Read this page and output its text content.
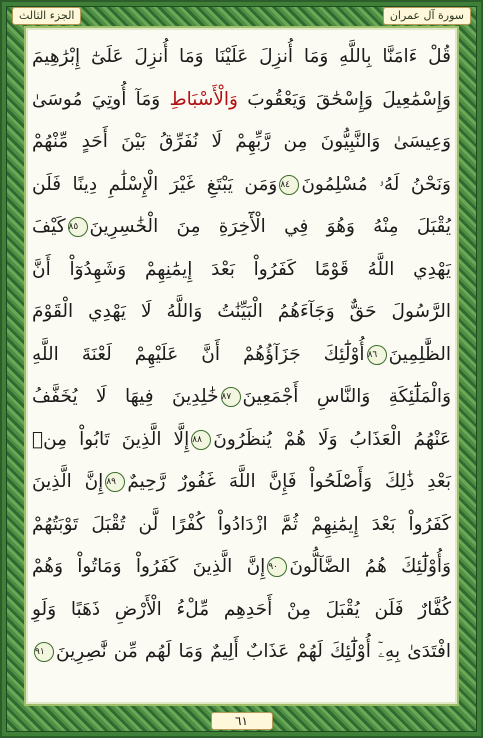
الجزء الثالث	سورة آل عمران
قُلْ ءَامَنَّا بِاللَّهِ وَمَا أُنزِلَ عَلَيْنَا وَمَا أُنزِلَ عَلَىٰٓ إِبْرَٰهِيمَ
وَإِسْمَٰعِيلَ وَإِسْحَٰقَ وَيَعْقُوبَ وَالْأَسْبَاطِ وَمَآ أُوتِيَ مُوسَىٰ
وَعِيسَىٰ وَالنَّبِيُّونَ مِن رَّبِّهِمْ لَا نُفَرِّقُ بَيْنَ أَحَدٍ مِّنْهُمْ
وَنَحْنُ لَهُۥ مُسْلِمُونَ٨٤وَمَن يَبْتَغِ غَيْرَ الْإِسْلَٰمِ دِينًا فَلَن
يُقْبَلَ مِنْهُ وَهُوَ فِي الْأَٓخِرَةِ مِنَ الْخَٰسِرِينَ٨٥كَيْفَ
يَهْدِي اللَّهُ قَوْمًا كَفَرُواْ بَعْدَ إِيمَٰنِهِمْ وَشَهِدُوٓاْ أَنَّ
الرَّسُولَ حَقٌّ وَجَآءَهُمُ الْبَيِّنَٰتُ وَاللَّهُ لَا يَهْدِي الْقَوْمَ
الظَّٰلِمِينَ٨٦أُوْلَٰٓئِكَ جَزَآؤُهُمْ أَنَّ عَلَيْهِمْ لَعْنَةَ اللَّهِ
وَالْمَلَٰٓئِكَةِ وَالنَّاسِ أَجْمَعِينَ٨٧خَٰلِدِينَ فِيهَا لَا يُخَفَّفُ
عَنْهُمُ الْعَذَابُ وَلَا هُمْ يُنظَرُونَ٨٨إِلَّا الَّذِينَ تَابُواْ مِنۢ
بَعْدِ ذَٰلِكَ وَأَصْلَحُواْ فَإِنَّ اللَّهَ غَفُورٌ رَّحِيمٌ٨٩إِنَّ الَّذِينَ
كَفَرُواْ بَعْدَ إِيمَٰنِهِمْ ثُمَّ ازْدَادُواْ كُفْرًا لَّن تُقْبَلَ تَوْبَتُهُمْ
وَأُوْلَٰٓئِكَ هُمُ الضَّآلُّونَ٩٠إِنَّ الَّذِينَ كَفَرُواْ وَمَاتُواْ وَهُمْ
كُفَّارٌ فَلَن يُقْبَلَ مِنْ أَحَدِهِم مِّلْءُ الْأَرْضِ ذَهَبًا وَلَوِ
افْتَدَىٰ بِهِۦٓ أُوْلَٰٓئِكَ لَهُمْ عَذَابٌ أَلِيمٌ وَمَا لَهُم مِّن نَّٰصِرِينَ٩١
٦١
